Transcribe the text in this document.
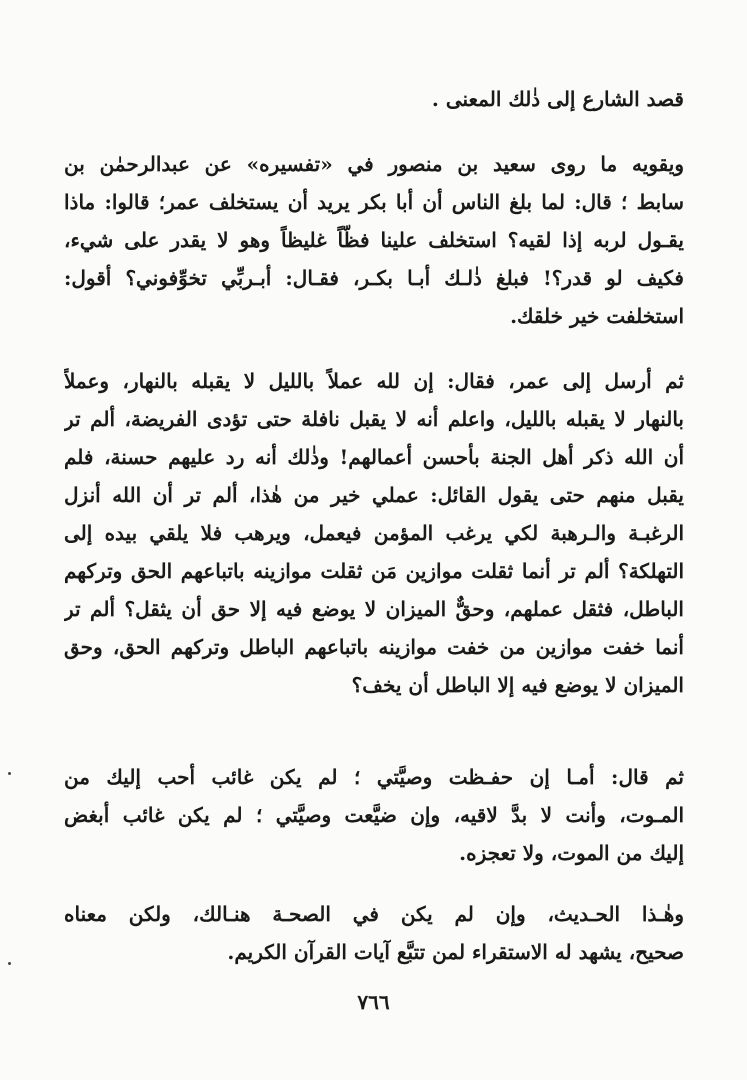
قصد الشارع إلى ذٰلك المعنى .
ويقويه ما روى سعيد بن منصور في «تفسيره» عن عبدالرحمٰن بن
سابط ؛ قال: لما بلغ الناس أن أبا بكر يريد أن يستخلف عمر؛ قالوا: ماذا
يقـول لربه إذا لقيه؟ استخلف علينا فظّاً غليظاً وهو لا يقدر على شيء،
فكيف لو قدر؟! فبلغ ذٰلـك أبـا بكـر، فقـال: أبـربِّي تخوِّفوني؟ أقول:
استخلفت خير خلقك.
ثم أرسل إلى عمر، فقال: إن لله عملاً بالليل لا يقبله بالنهار، وعملاً
بالنهار لا يقبله بالليل، واعلم أنه لا يقبل نافلة حتى تؤدى الفريضة، ألم تر
أن الله ذكر أهل الجنة بأحسن أعمالهم! وذٰلك أنه رد عليهم حسنة، فلم
يقبل منهم حتى يقول القائل: عملي خير من هٰذا، ألم تر أن الله أنزل
الرغبـة والـرهبة لكي يرغب المؤمن فيعمل، ويرهب فلا يلقي بيده إلى
التهلكة؟ ألم تر أنما ثقلت موازين مَن ثقلت موازينه باتباعهم الحق وتركهم
الباطل، فثقل عملهم، وحقٌّ الميزان لا يوضع فيه إلا حق أن يثقل؟ ألم تر
أنما خفت موازين من خفت موازينه باتباعهم الباطل وتركهم الحق، وحق
الميزان لا يوضع فيه إلا الباطل أن يخف؟
ثم قال: أمـا إن حفـظت وصيَّتي ؛ لم يكن غائب أحب إليك من
المـوت، وأنت لا بدَّ لاقيه، وإن ضيَّعت وصيَّتي ؛ لم يكن غائب أبغض
إليك من الموت، ولا تعجزه.
وهٰـذا الحـديث، وإن لم يكن في الصحـة هنـالك، ولكن معناه
صحيح، يشهد له الاستقراء لمن تتبَّع آيات القرآن الكريم.
٧٦٦
